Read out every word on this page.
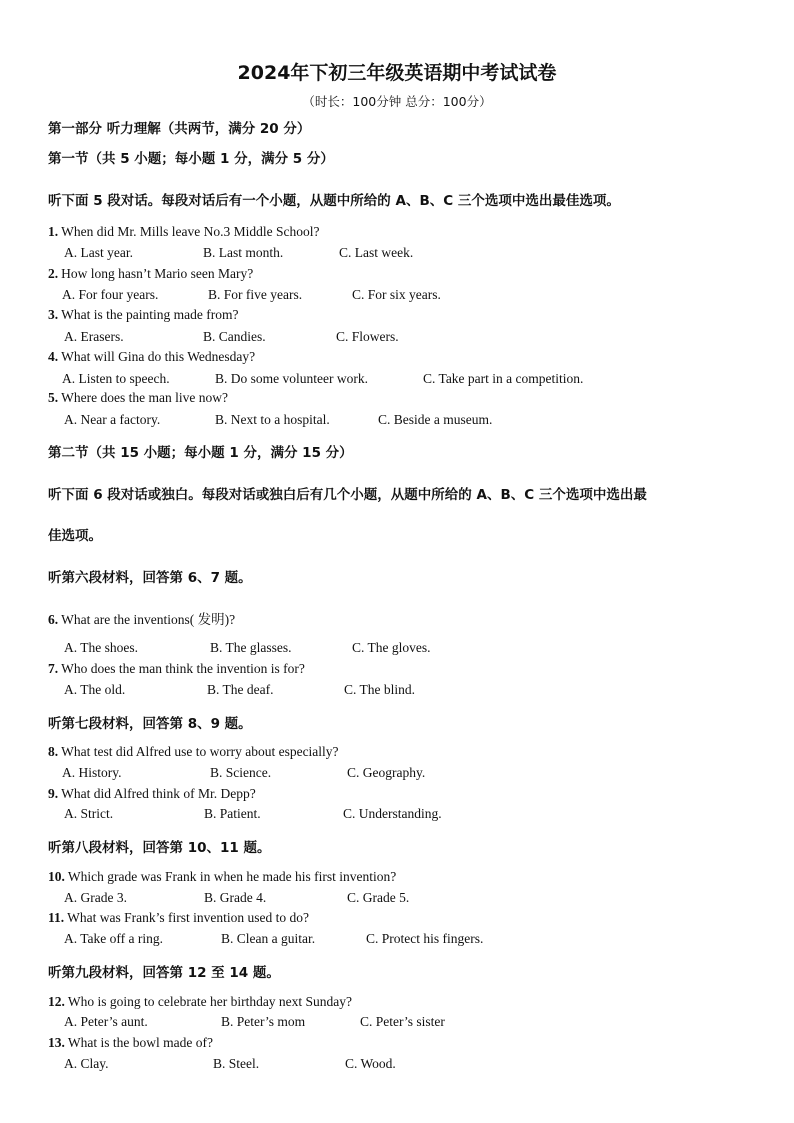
2024年下初三年级英语期中考试试卷
（时长：100分钟 总分：100分）
第一部分 听力理解（共两节，满分 20 分）
第一节（共 5 小题；每小题 1 分，满分 5 分）
听下面 5 段对话。每段对话后有一个小题，从题中所给的 A、B、C 三个选项中选出最佳选项。
1. When did Mr. Mills leave No.3 Middle School?
A. Last year.	B. Last month.	C. Last week.
2. How long hasn’t Mario seen Mary?
A. For four years.	B. For five years.	C. For six years.
3. What is the painting made from?
A. Erasers.	B. Candies.	C. Flowers.
4. What will Gina do this Wednesday?
A. Listen to speech.	B. Do some volunteer work.	C. Take part in a competition.
5. Where does the man live now?
A. Near a factory.	B. Next to a hospital.	C. Beside a museum.
第二节（共 15 小题；每小题 1 分，满分 15 分）
听下面 6 段对话或独白。每段对话或独白后有几个小题，从题中所给的 A、B、C 三个选项中选出最
佳选项。
听第六段材料，回答第 6、7 题。
6. What are the inventions( 发明)?
A. The shoes.	B. The glasses.	C. The gloves.
7. Who does the man think the invention is for?
A. The old.	B. The deaf.	C. The blind.
听第七段材料，回答第 8、9 题。
8. What test did Alfred use to worry about especially?
A. History.	B. Science.	C. Geography.
9. What did Alfred think of Mr. Depp?
A. Strict.	B. Patient.	C. Understanding.
听第八段材料，回答第 10、11 题。
10. Which grade was Frank in when he made his first invention?
A. Grade 3.	B. Grade 4.	C. Grade 5.
11. What was Frank’s first invention used to do?
A. Take off a ring.	B. Clean a guitar.	C. Protect his fingers.
听第九段材料，回答第 12 至 14 题。
12. Who is going to celebrate her birthday next Sunday?
A. Peter’s aunt.	B. Peter’s mom	C. Peter’s sister
13. What is the bowl made of?
A. Clay.	B. Steel.	C. Wood.
